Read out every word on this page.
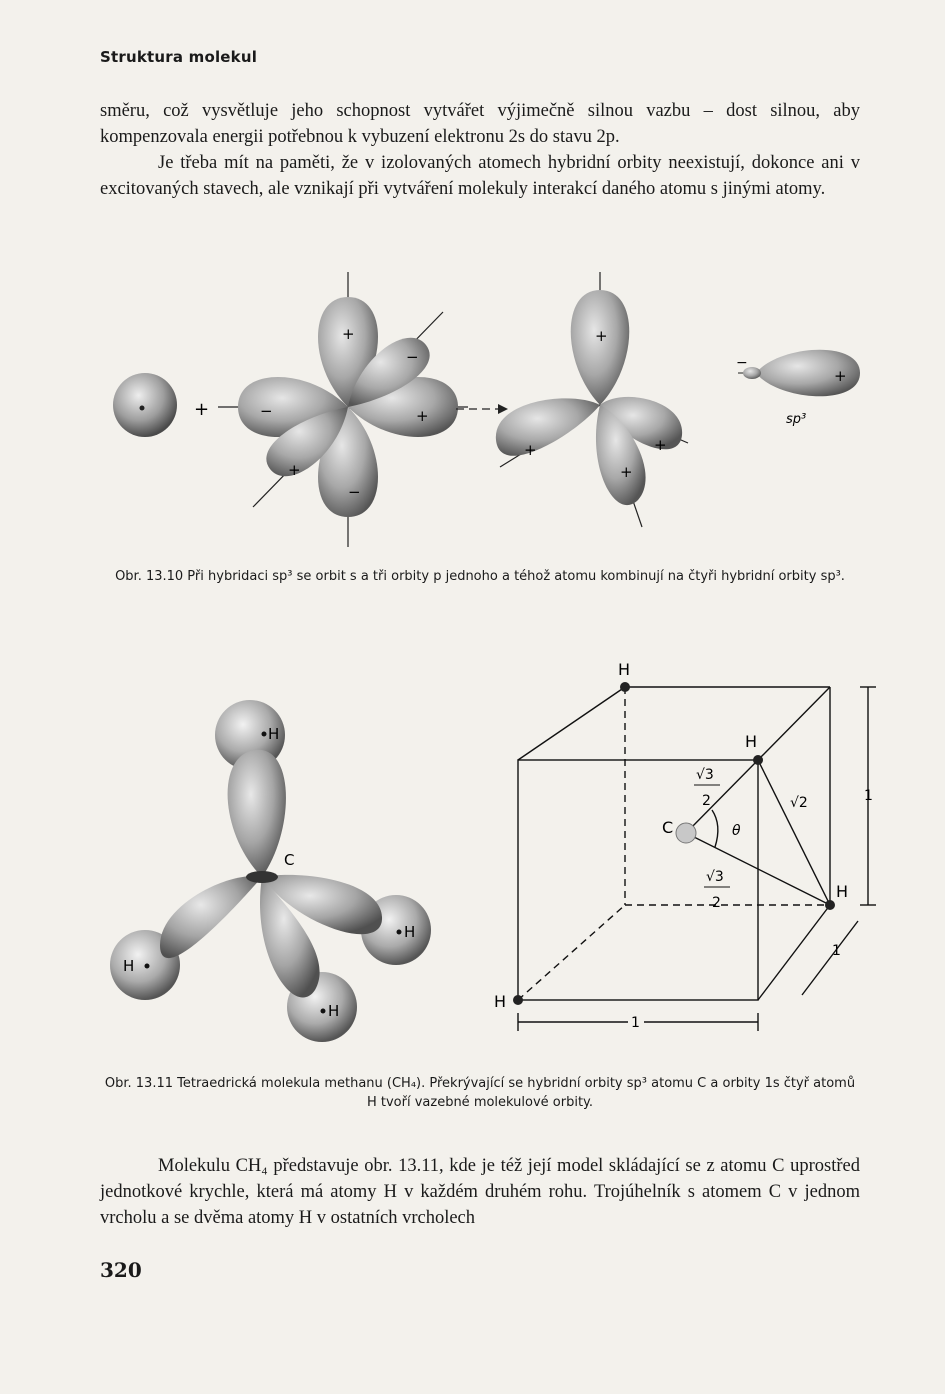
Struktura molekul

směru, což vysvětluje jeho schopnost vytvářet výjimečně silnou vazbu – dost silnou, aby kompenzovala energii potřebnou k vybuzení elektronu 2s do stavu 2p.

Je třeba mít na paměti, že v izolovaných atomech hybridní orbity neexistují, dokonce ani v excitovaných stavech, ale vznikají při vytváření molekuly interakcí daného atomu s jinými atomy.

+
+
−
−	+
+
−
+
+	+
+
−
+
sp³
Obr. 13.10 Při hybridaci sp³ se orbit s a tři orbity p jednoho a téhož atomu kombinují na čtyři hybridní orbity sp³.
H
H
H
H
C
H
H
H
H
C	θ
√3
2
√3
2
√2	1
1
1
Obr. 13.11 Tetraedrická molekula methanu (CH₄). Překrývající se hybridní orbity sp³ atomu C a orbity 1s čtyř atomů H tvoří vazebné molekulové orbity.

Molekulu CH₄ představuje obr. 13.11, kde je též její model skládající se z atomu C uprostřed jednotkové krychle, která má atomy H v každém druhém rohu. Trojúhelník s atomem C v jednom vrcholu a se dvěma atomy H v ostatních vrcholech

320
